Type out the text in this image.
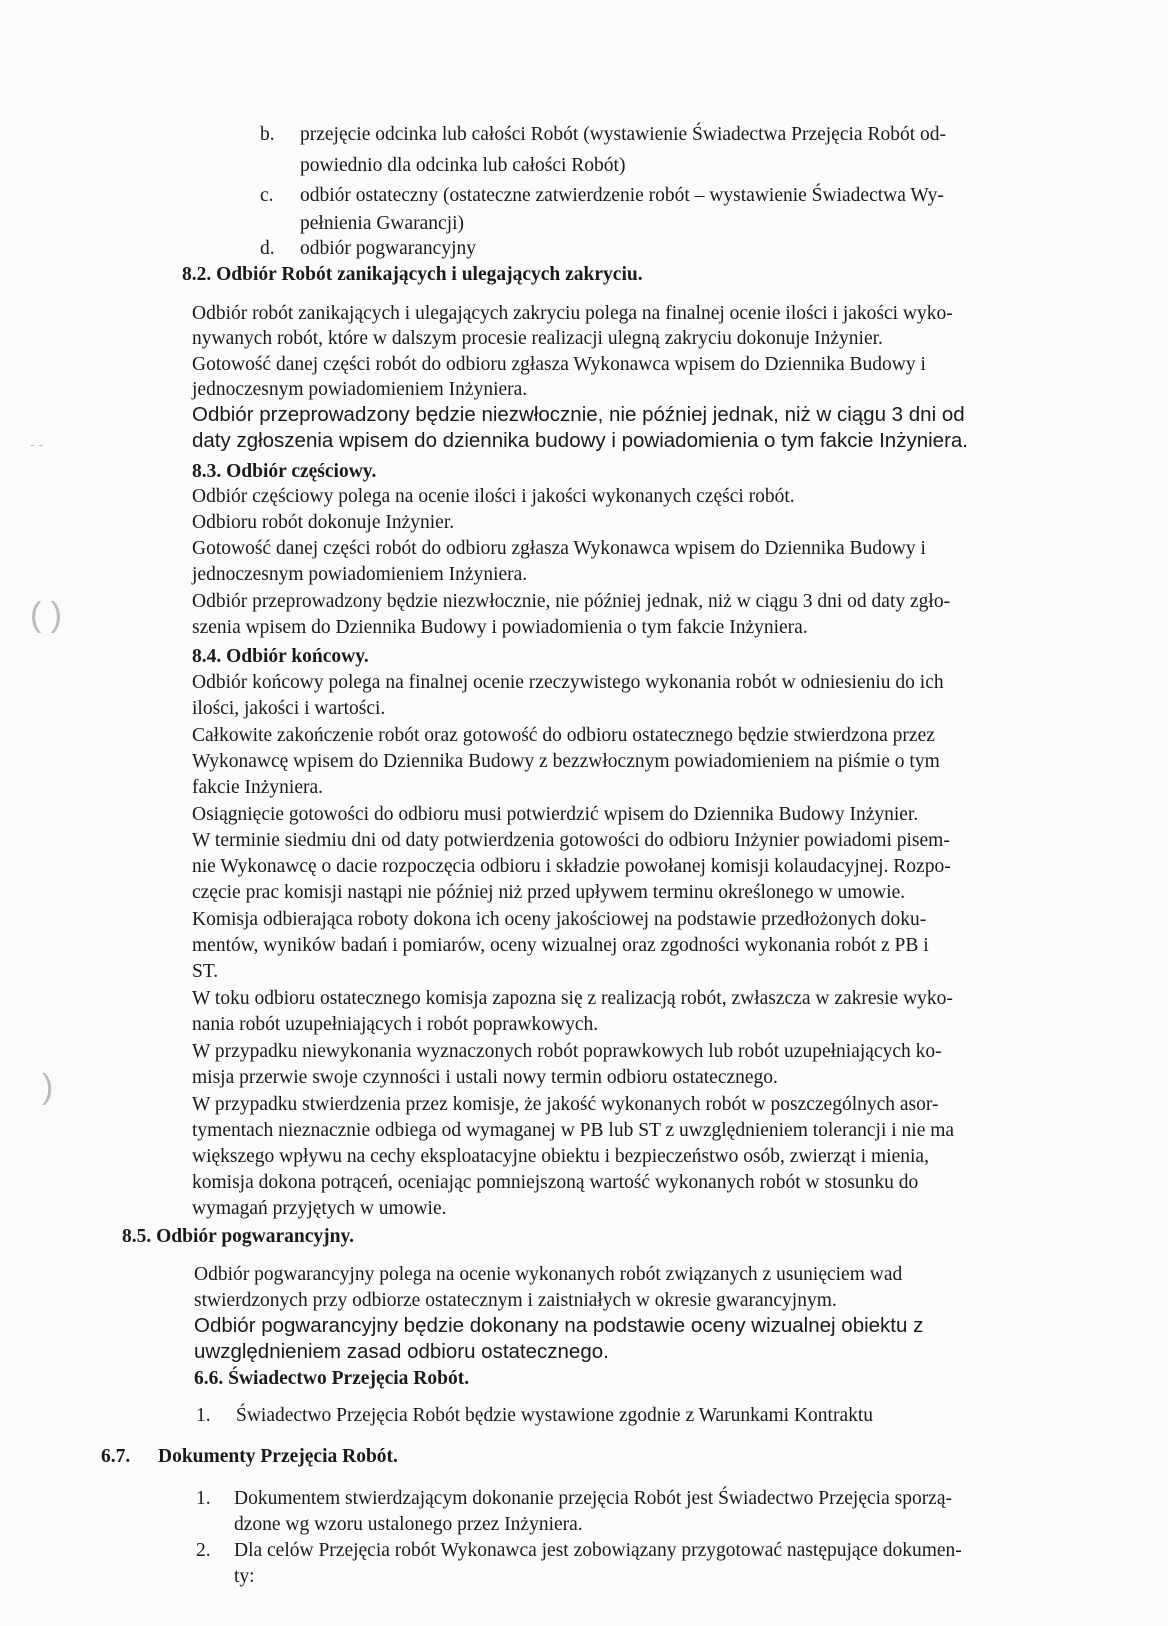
( )
)
- -
b. przejęcie odcinka lub całości Robót (wystawienie Świadectwa Przejęcia Robót od-
powiednio dla odcinka lub całości Robót)
c. odbiór ostateczny (ostateczne zatwierdzenie robót – wystawienie Świadectwa Wy-
pełnienia Gwarancji)
d. odbiór pogwarancyjny
8.2. Odbiór Robót zanikających i ulegających zakryciu.
Odbiór robót zanikających i ulegających zakryciu polega na finalnej ocenie ilości i jakości wyko-
nywanych robót, które w dalszym procesie realizacji ulegną zakryciu dokonuje Inżynier.
Gotowość danej części robót do odbioru zgłasza Wykonawca wpisem do Dziennika Budowy i
jednoczesnym powiadomieniem Inżyniera.
Odbiór przeprowadzony będzie niezwłocznie, nie później jednak, niż w ciągu 3 dni od
daty zgłoszenia wpisem do dziennika budowy i powiadomienia o tym fakcie Inżyniera.
8.3. Odbiór częściowy.
Odbiór częściowy polega na ocenie ilości i jakości wykonanych części robót.
Odbioru robót dokonuje Inżynier.
Gotowość danej części robót do odbioru zgłasza Wykonawca wpisem do Dziennika Budowy i
jednoczesnym powiadomieniem Inżyniera.
Odbiór przeprowadzony będzie niezwłocznie, nie później jednak, niż w ciągu 3 dni od daty zgło-
szenia wpisem do Dziennika Budowy i powiadomienia o tym fakcie Inżyniera.
8.4. Odbiór końcowy.
Odbiór końcowy polega na finalnej ocenie rzeczywistego wykonania robót w odniesieniu do ich
ilości, jakości i wartości.
Całkowite zakończenie robót oraz gotowość do odbioru ostatecznego będzie stwierdzona przez
Wykonawcę wpisem do Dziennika Budowy z bezzwłocznym powiadomieniem na piśmie o tym
fakcie Inżyniera.
Osiągnięcie gotowości do odbioru musi potwierdzić wpisem do Dziennika Budowy Inżynier.
W terminie siedmiu dni od daty potwierdzenia gotowości do odbioru Inżynier powiadomi pisem-
nie Wykonawcę o dacie rozpoczęcia odbioru i składzie powołanej komisji kolaudacyjnej. Rozpo-
częcie prac komisji nastąpi nie później niż przed upływem terminu określonego w umowie.
Komisja odbierająca roboty dokona ich oceny jakościowej na podstawie przedłożonych doku-
mentów, wyników badań i pomiarów, oceny wizualnej oraz zgodności wykonania robót z PB i
ST.
W toku odbioru ostatecznego komisja zapozna się z realizacją robót, zwłaszcza w zakresie wyko-
nania robót uzupełniających i robót poprawkowych.
W przypadku niewykonania wyznaczonych robót poprawkowych lub robót uzupełniających ko-
misja przerwie swoje czynności i ustali nowy termin odbioru ostatecznego.
W przypadku stwierdzenia przez komisje, że jakość wykonanych robót w poszczególnych asor-
tymentach nieznacznie odbiega od wymaganej w PB lub ST z uwzględnieniem tolerancji i nie ma
większego wpływu na cechy eksploatacyjne obiektu i bezpieczeństwo osób, zwierząt i mienia,
komisja dokona potrąceń, oceniając pomniejszoną wartość wykonanych robót w stosunku do
wymagań przyjętych w umowie.
8.5. Odbiór pogwarancyjny.
Odbiór pogwarancyjny polega na ocenie wykonanych robót związanych z usunięciem wad
stwierdzonych przy odbiorze ostatecznym i zaistniałych w okresie gwarancyjnym.
Odbiór pogwarancyjny będzie dokonany na podstawie oceny wizualnej obiektu z
uwzględnieniem zasad odbioru ostatecznego.
6.6. Świadectwo Przejęcia Robót.
1. Świadectwo Przejęcia Robót będzie wystawione zgodnie z Warunkami Kontraktu
6.7. Dokumenty Przejęcia Robót.
1. Dokumentem stwierdzającym dokonanie przejęcia Robót jest Świadectwo Przejęcia sporzą-
dzone wg wzoru ustalonego przez Inżyniera.
2. Dla celów Przejęcia robót Wykonawca jest zobowiązany przygotować następujące dokumen-
ty:
